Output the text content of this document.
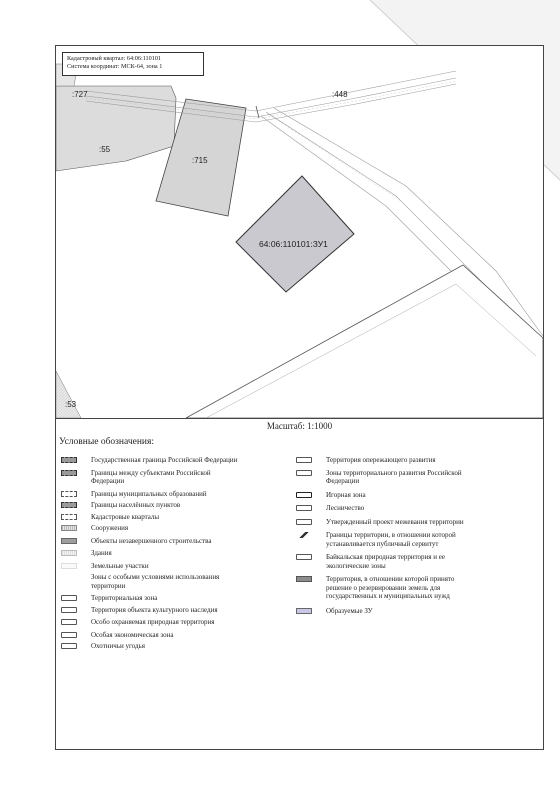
Кадастровый квартал: 64:06:110101
Система координат: МСК-64, зона 1
:727	:448
:55
:715
64:06:110101:ЗУ1
:53
Масштаб: 1:1000
Условные обозначения:
Государственная граница Российской Федерации
Границы между субъектами Российской Федерации
Границы муниципальных образований
Границы населённых пунктов
Кадастровые кварталы
Сооружения
Объекты незавершенного строительства
Здания
Земельные участки
Зоны с особыми условиями использования территории
Территориальная зона
Территория объекта культурного наследия
Особо охраняемая природная территория
Особая экономическая зона
Охотничьи угодья
Территория опережающего развития
Зоны территориального развития Российской Федерации
Игорная зона
Лесничество
Утвержденный проект межевания территории
Границы территории, в отношении которой устанавливается публичный сервитут
Байкальская природная территория и ее экологические зоны
Территория, в отношении которой принято решение о резервировании земель для государственных и муниципальных нужд
Образуемые ЗУ
